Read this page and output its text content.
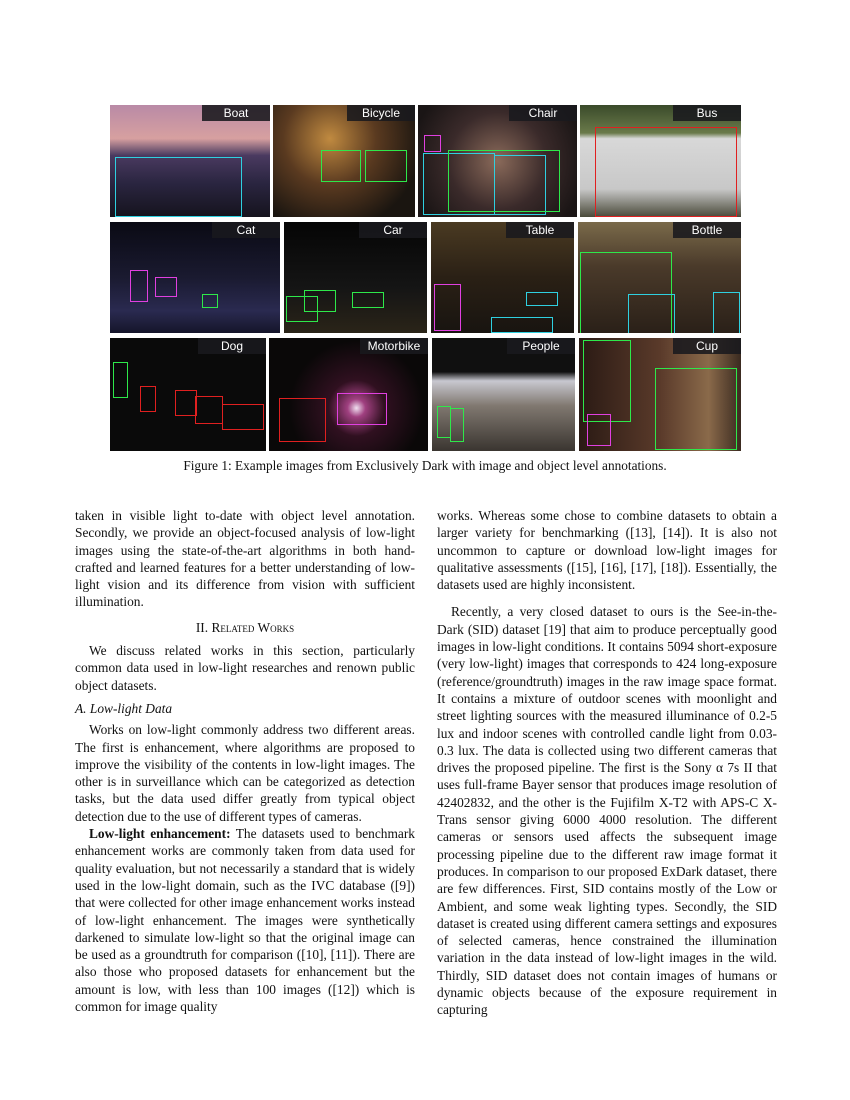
Boat	Bicycle	Chair	Bus
Cat	Car	Table	Bottle
Dog	Motorbike	People	Cup
Figure 1: Example images from Exclusively Dark with image and object level annotations.

taken in visible light to-date with object level annotation. Secondly, we provide an object-focused analysis of low-light images using the state-of-the-art algorithms in both hand-crafted and learned features for a better understanding of low-light vision and its difference from vision with sufficient illumination.

II. Related Works

We discuss related works in this section, particularly common data used in low-light researches and renown public object datasets.

A. Low-light Data

Works on low-light commonly address two different areas. The first is enhancement, where algorithms are proposed to improve the visibility of the contents in low-light images. The other is in surveillance which can be categorized as detection tasks, but the data used differ greatly from typical object detection due to the use of different types of cameras.

Low-light enhancement: The datasets used to benchmark enhancement works are commonly taken from data used for quality evaluation, but not necessarily a standard that is widely used in the low-light domain, such as the IVC database ([9]) that were collected for other image enhancement works instead of low-light enhancement. The images were synthetically darkened to simulate low-light so that the original image can be used as a groundtruth for comparison ([10], [11]). There are also those who proposed datasets for enhancement but the amount is low, with less than 100 images ([12]) which is common for image quality

works. Whereas some chose to combine datasets to obtain a larger variety for benchmarking ([13], [14]). It is also not uncommon to capture or download low-light images for qualitative assessments ([15], [16], [17], [18]). Essentially, the datasets used are highly inconsistent.

Recently, a very closed dataset to ours is the See-in-the-Dark (SID) dataset [19] that aim to produce perceptually good images in low-light conditions. It contains 5094 short-exposure (very low-light) images that corresponds to 424 long-exposure (reference/groundtruth) images in the raw image space format. It contains a mixture of outdoor scenes with moonlight and street lighting sources with the measured illuminance of 0.2-5 lux and indoor scenes with controlled candle light from 0.03-0.3 lux. The data is collected using two different cameras that drives the proposed pipeline. The first is the Sony α 7s II that uses full-frame Bayer sensor that produces image resolution of 42402832, and the other is the Fujifilm X-T2 with APS-C X-Trans sensor giving 6000 4000 resolution. The different cameras or sensors used affects the subsequent image processing pipeline due to the different raw image format it produces. In comparison to our proposed ExDark dataset, there are few differences. First, SID contains mostly of the Low or Ambient, and some weak lighting types. Secondly, the SID dataset is created using different camera settings and exposures of selected cameras, hence constrained the illumination variation in the data instead of low-light images in the wild. Thirdly, SID dataset does not contain images of humans or dynamic objects because of the exposure requirement in capturing
